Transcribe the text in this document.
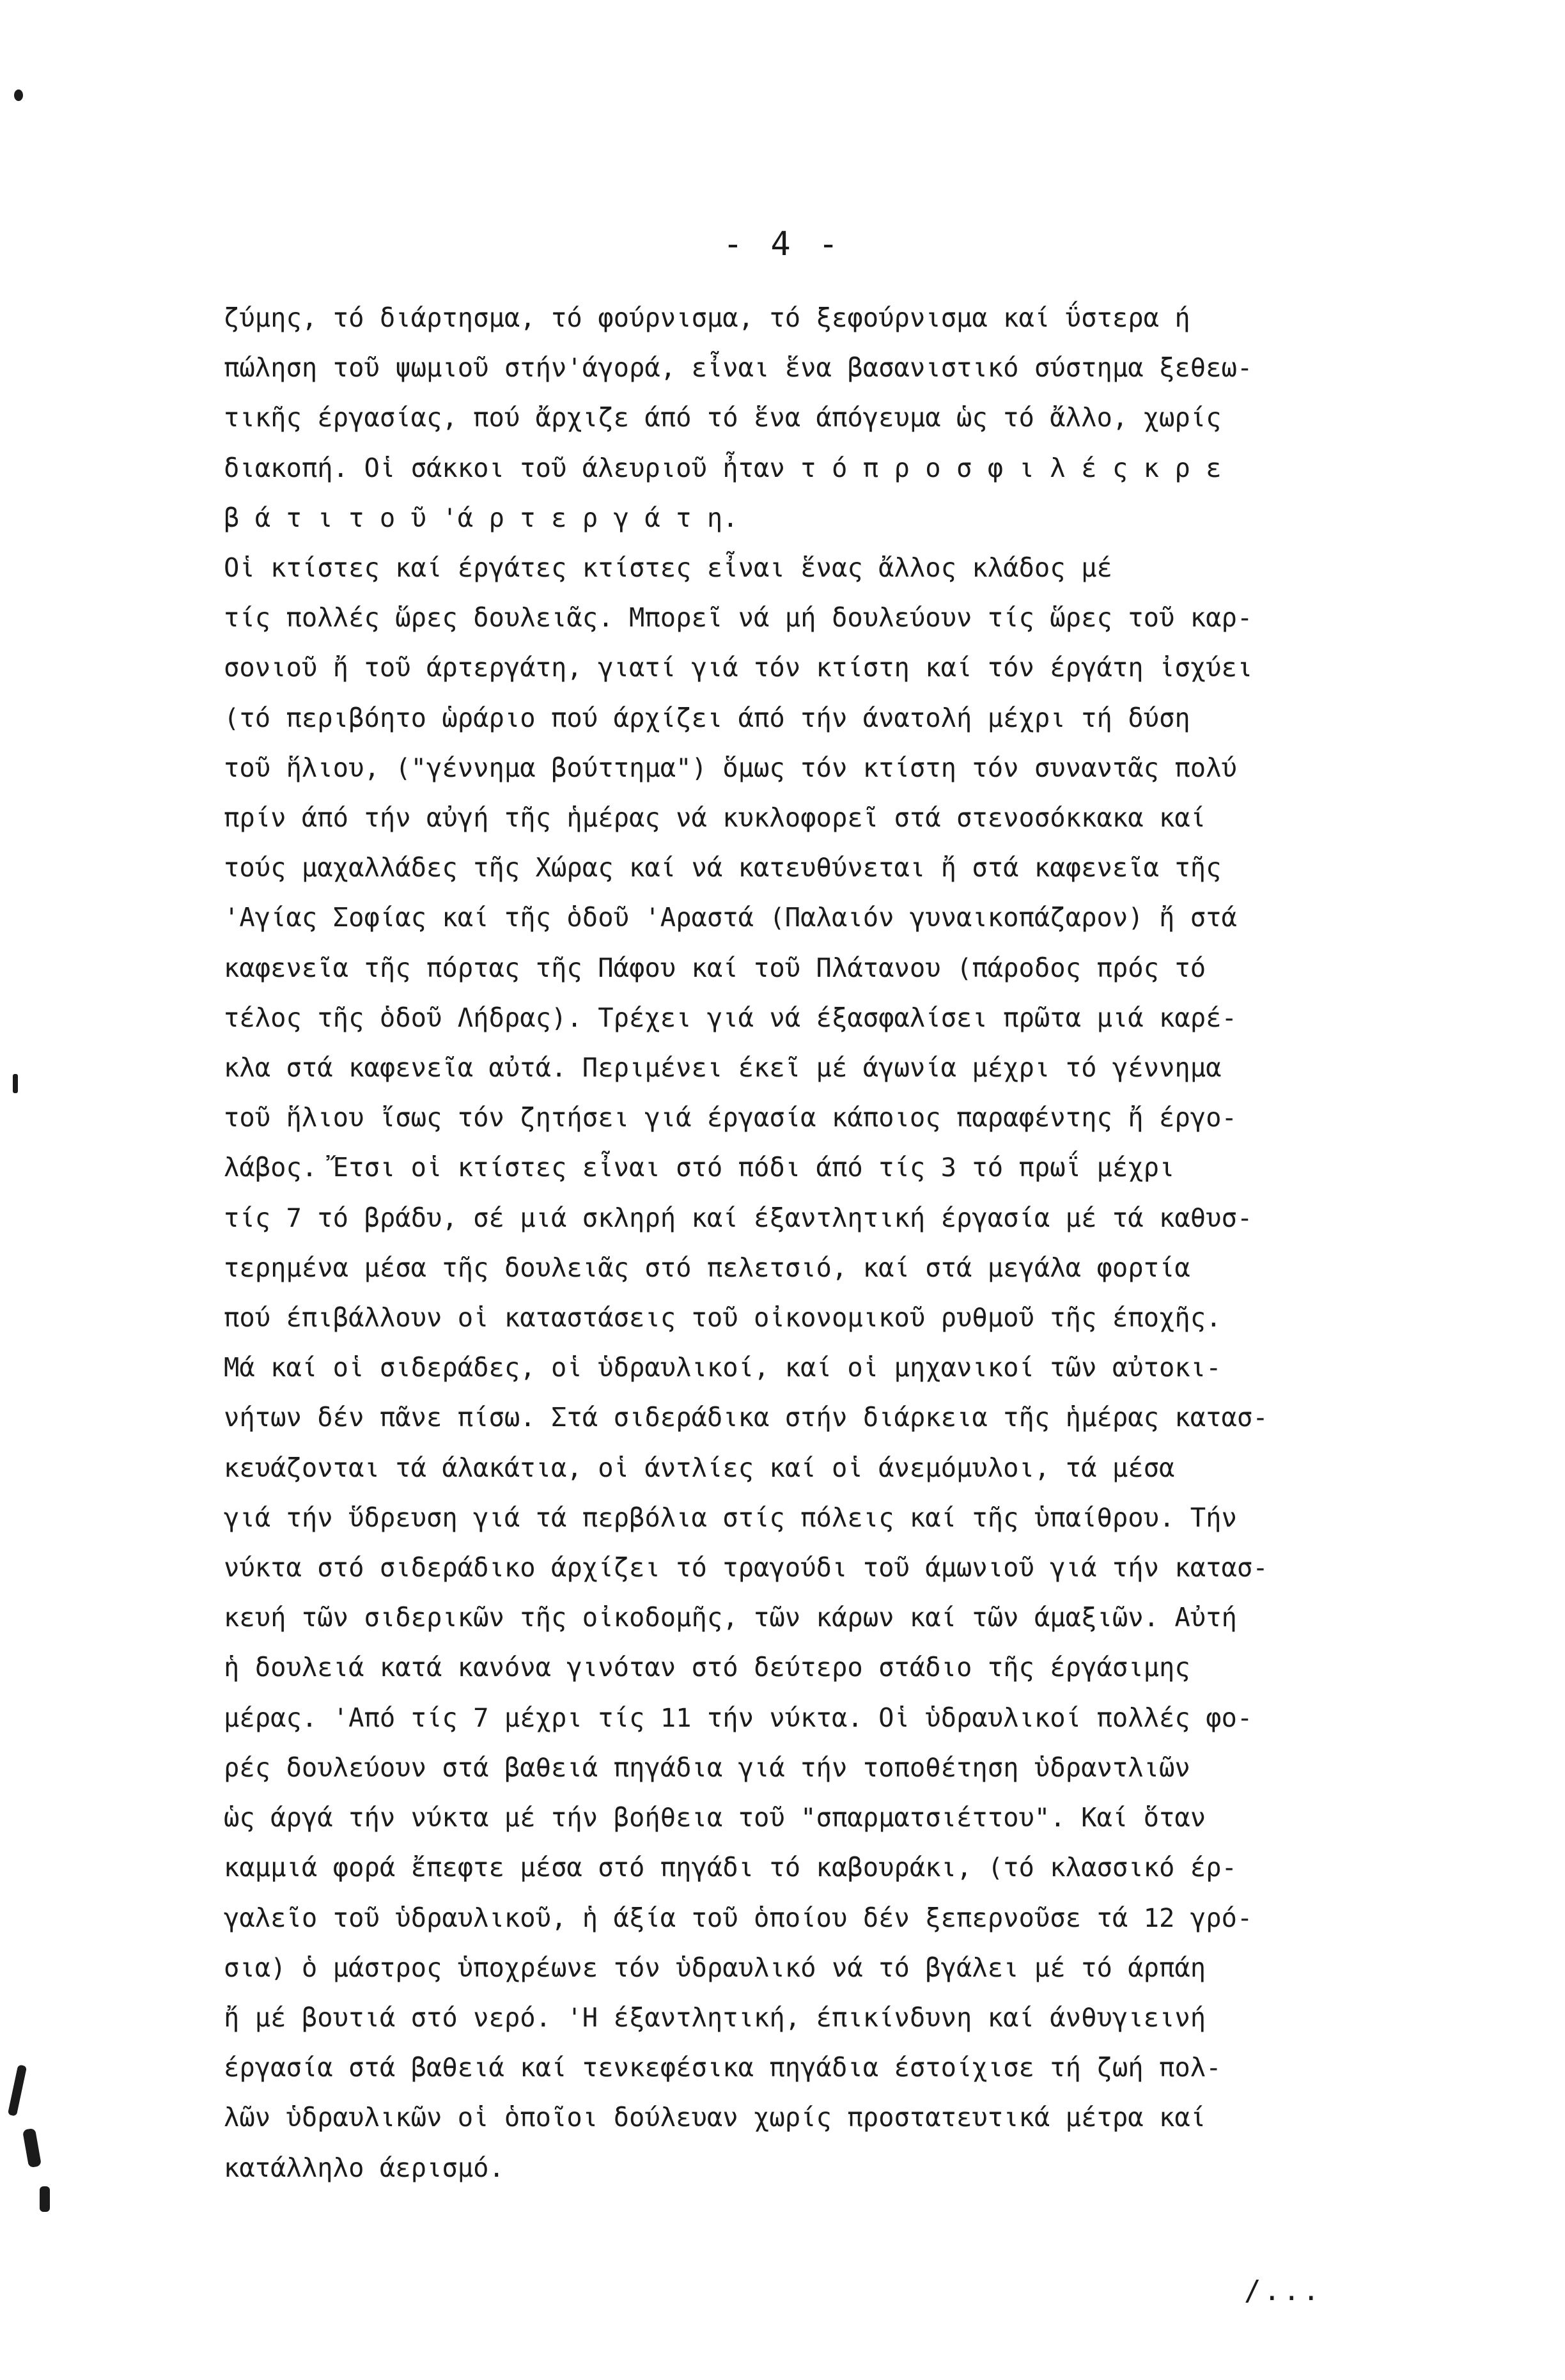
- 4 -
ζύμης, τό διάρτησμα, τό φούρνισμα, τό ξεφούρνισμα καί ΰστερα ή
πώληση τοῦ ψωμιοῦ στήν'άγορά, εἶναι ἕνα βασανιστικό σύστημα ξεθεω-
τικῆς έργασίας, πού ἄρχιζε άπό τό ἕνα άπόγευμα ὡς τό ἄλλο, χωρίς
διακοπή. Οἱ σάκκοι τοῦ άλευριοῦ ἦταν τ ό π ρ ο σ φ ι λ έ ς κ ρ ε
β ά τ ι τ ο ῦ 'ά ρ τ ε ρ γ ά τ η.
Οἱ κτίστες καί έργάτες κτίστες εἶναι ἕνας ἄλλος κλάδος μέ
τίς πολλές ὥρες δουλειᾶς. Μπορεῖ νά μή δουλεύουν τίς ὥρες τοῦ καρ-
σονιοῦ ἤ τοῦ άρτεργάτη, γιατί γιά τόν κτίστη καί τόν έργάτη ἰσχύει
(τό περιβόητο ὡράριο πού άρχίζει άπό τήν άνατολή μέχρι τή δύση
τοῦ ἥλιου, ("γέννημα βούττημα") ὅμως τόν κτίστη τόν συναντᾶς πολύ
πρίν άπό τήν αὐγή τῆς ἡμέρας νά κυκλοφορεῖ στά στενοσόκκακα καί
τούς μαχαλλάδες τῆς Χώρας καί νά κατευθύνεται ἤ στά καφενεῖα τῆς
'Αγίας Σοφίας καί τῆς ὁδοῦ 'Αραστά (Παλαιόν γυναικοπάζαρον) ἤ στά
καφενεῖα τῆς πόρτας τῆς Πάφου καί τοῦ Πλάτανου (πάροδος πρός τό
τέλος τῆς ὁδοῦ Λήδρας). Τρέχει γιά νά έξασφαλίσει πρῶτα μιά καρέ-
κλα στά καφενεῖα αὐτά. Περιμένει έκεῖ μέ άγωνία μέχρι τό γέννημα
τοῦ ἥλιου ἴσως τόν ζητήσει γιά έργασία κάποιος παραφέντης ἤ έργο-
λάβος. Ἔτσι οἱ κτίστες εἶναι στό πόδι άπό τίς 3 τό πρωΐ μέχρι
τίς 7 τό βράδυ, σέ μιά σκληρή καί έξαντλητική έργασία μέ τά καθυσ-
τερημένα μέσα τῆς δουλειᾶς στό πελετσιό, καί στά μεγάλα φορτία
πού έπιβάλλουν οἱ καταστάσεις τοῦ οἰκονομικοῦ ρυθμοῦ τῆς έποχῆς.
Μά καί οἱ σιδεράδες, οἱ ὑδραυλικοί, καί οἱ μηχανικοί τῶν αὐτοκι-
νήτων δέν πᾶνε πίσω. Στά σιδεράδικα στήν διάρκεια τῆς ἡμέρας κατασ-
κευάζονται τά άλακάτια, οἱ άντλίες καί οἱ άνεμόμυλοι, τά μέσα
γιά τήν ὕδρευση γιά τά περβόλια στίς πόλεις καί τῆς ὑπαίθρου. Τήν
νύκτα στό σιδεράδικο άρχίζει τό τραγούδι τοῦ άμωνιοῦ γιά τήν κατασ-
κευή τῶν σιδερικῶν τῆς οἰκοδομῆς, τῶν κάρων καί τῶν άμαξιῶν. Αὐτή
ἡ δουλειά κατά κανόνα γινόταν στό δεύτερο στάδιο τῆς έργάσιμης
μέρας. 'Από τίς 7 μέχρι τίς 11 τήν νύκτα. Οἱ ὑδραυλικοί πολλές φο-
ρές δουλεύουν στά βαθειά πηγάδια γιά τήν τοποθέτηση ὑδραντλιῶν
ὡς άργά τήν νύκτα μέ τήν βοήθεια τοῦ "σπαρματσιέττου". Καί ὅταν
καμμιά φορά ἔπεφτε μέσα στό πηγάδι τό καβουράκι, (τό κλασσικό έρ-
γαλεῖο τοῦ ὑδραυλικοῦ, ἡ άξία τοῦ ὁποίου δέν ξεπερνοῦσε τά 12 γρό-
σια) ὁ μάστρος ὑποχρέωνε τόν ὑδραυλικό νά τό βγάλει μέ τό άρπάη
ἤ μέ βουτιά στό νερό. 'Η έξαντλητική, έπικίνδυνη καί άνθυγιεινή
έργασία στά βαθειά καί τενκεφέσικα πηγάδια έστοίχισε τή ζωή πολ-
λῶν ὑδραυλικῶν οἱ ὁποῖοι δούλευαν χωρίς προστατευτικά μέτρα καί
κατάλληλο άερισμό.
/...
